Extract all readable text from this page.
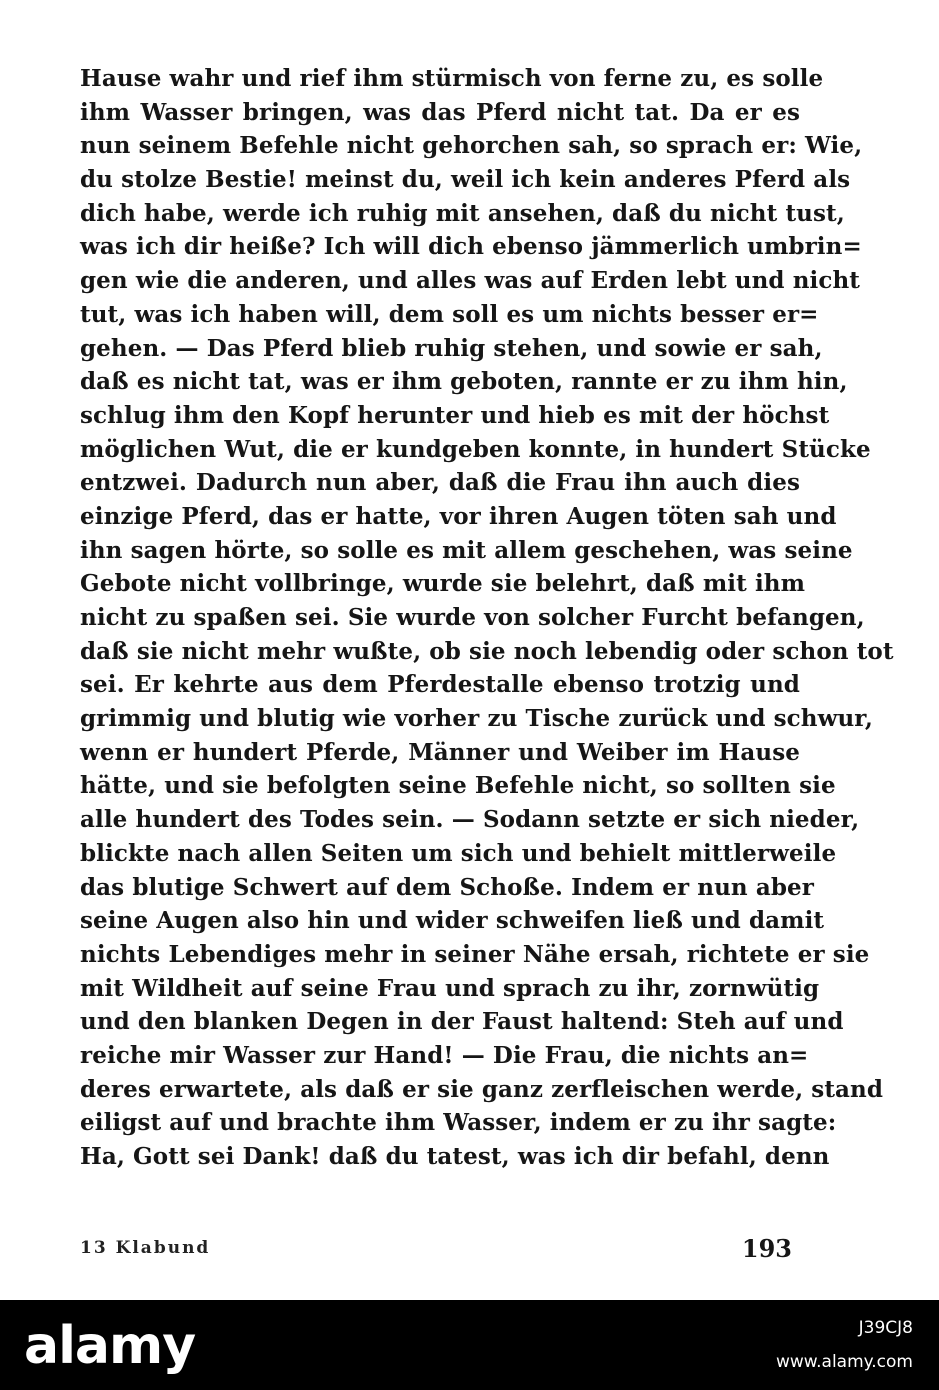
Hause wahr und rief ihm stürmisch von ferne zu, es solle
ihm Wasser bringen, was das Pferd nicht tat. Da er es
nun seinem Befehle nicht gehorchen sah, so sprach er: Wie,
du stolze Bestie! meinst du, weil ich kein anderes Pferd als
dich habe, werde ich ruhig mit ansehen, daß du nicht tust,
was ich dir heiße? Ich will dich ebenso jämmerlich umbrin=
gen wie die anderen, und alles was auf Erden lebt und nicht
tut, was ich haben will, dem soll es um nichts besser er=
gehen. — Das Pferd blieb ruhig stehen, und sowie er sah,
daß es nicht tat, was er ihm geboten, rannte er zu ihm hin,
schlug ihm den Kopf herunter und hieb es mit der höchst
möglichen Wut, die er kundgeben konnte, in hundert Stücke
entzwei. Dadurch nun aber, daß die Frau ihn auch dies
einzige Pferd, das er hatte, vor ihren Augen töten sah und
ihn sagen hörte, so solle es mit allem geschehen, was seine
Gebote nicht vollbringe, wurde sie belehrt, daß mit ihm
nicht zu spaßen sei. Sie wurde von solcher Furcht befangen,
daß sie nicht mehr wußte, ob sie noch lebendig oder schon tot
sei. Er kehrte aus dem Pferdestalle ebenso trotzig und
grimmig und blutig wie vorher zu Tische zurück und schwur,
wenn er hundert Pferde, Männer und Weiber im Hause
hätte, und sie befolgten seine Befehle nicht, so sollten sie
alle hundert des Todes sein. — Sodann setzte er sich nieder,
blickte nach allen Seiten um sich und behielt mittlerweile
das blutige Schwert auf dem Schoße. Indem er nun aber
seine Augen also hin und wider schweifen ließ und damit
nichts Lebendiges mehr in seiner Nähe ersah, richtete er sie
mit Wildheit auf seine Frau und sprach zu ihr, zornwütig
und den blanken Degen in der Faust haltend: Steh auf und
reiche mir Wasser zur Hand! — Die Frau, die nichts an=
deres erwartete, als daß er sie ganz zerfleischen werde, stand
eiligst auf und brachte ihm Wasser, indem er zu ihr sagte:
Ha, Gott sei Dank! daß du tatest, was ich dir befahl, denn
13 Klabund	193
alamy	J39CJ8
www.alamy.com
